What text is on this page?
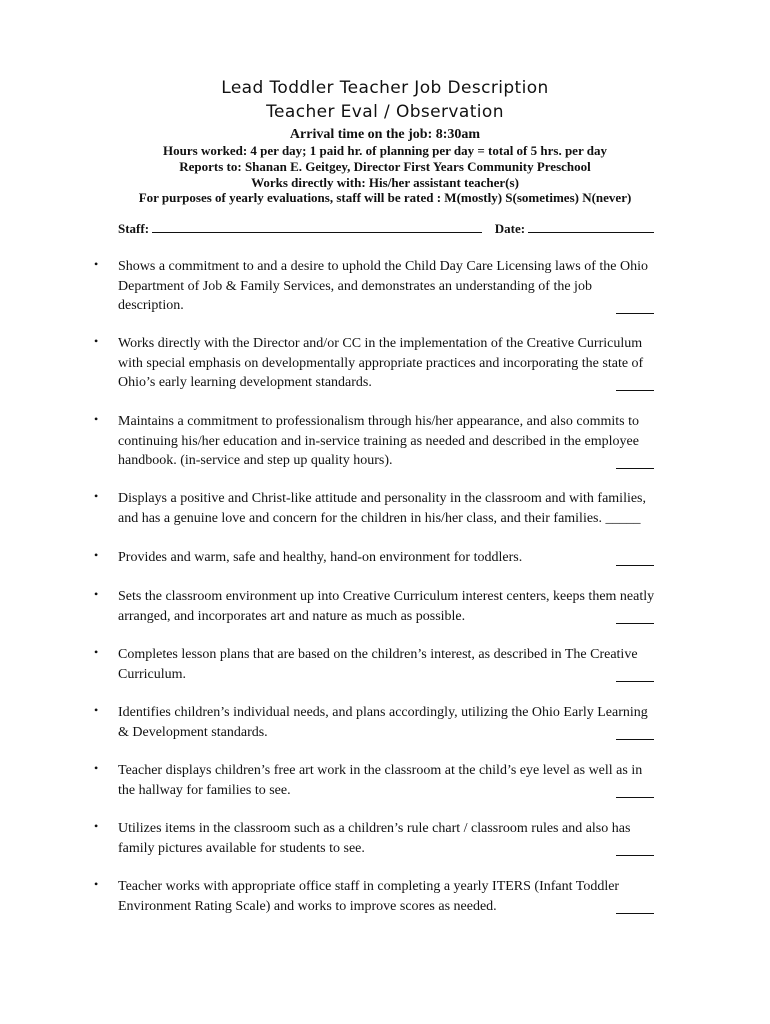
Lead Toddler Teacher Job Description
Teacher Eval / Observation
Arrival time on the job: 8:30am
Hours worked: 4 per day; 1 paid hr. of planning per day = total of 5 hrs. per day
Reports to: Shanan E. Geitgey, Director First Years Community Preschool
Works directly with: His/her assistant teacher(s)
For purposes of yearly evaluations, staff will be rated : M(mostly) S(sometimes) N(never)
Staff:	Date:
• Shows a commitment to and a desire to uphold the Child Day Care Licensing laws of the Ohio
Department of Job & Family Services, and demonstrates an understanding of the job
description.
• Works directly with the Director and/or CC in the implementation of the Creative Curriculum
with special emphasis on developmentally appropriate practices and incorporating the state of
Ohio’s early learning development standards.
• Maintains a commitment to professionalism through his/her appearance, and also commits to
continuing his/her education and in-service training as needed and described in the employee
handbook. (in-service and step up quality hours).
• Displays a positive and Christ-like attitude and personality in the classroom and with families,
and has a genuine love and concern for the children in his/her class, and their families. _____
• Provides and warm, safe and healthy, hand-on environment for toddlers.
• Sets the classroom environment up into Creative Curriculum interest centers, keeps them neatly
arranged, and incorporates art and nature as much as possible.
• Completes lesson plans that are based on the children’s interest, as described in The Creative
Curriculum.
• Identifies children’s individual needs, and plans accordingly, utilizing the Ohio Early Learning
& Development standards.
• Teacher displays children’s free art work in the classroom at the child’s eye level as well as in
the hallway for families to see.
• Utilizes items in the classroom such as a children’s rule chart / classroom rules and also has
family pictures available for students to see.
• Teacher works with appropriate office staff in completing a yearly ITERS (Infant Toddler
Environment Rating Scale) and works to improve scores as needed.
